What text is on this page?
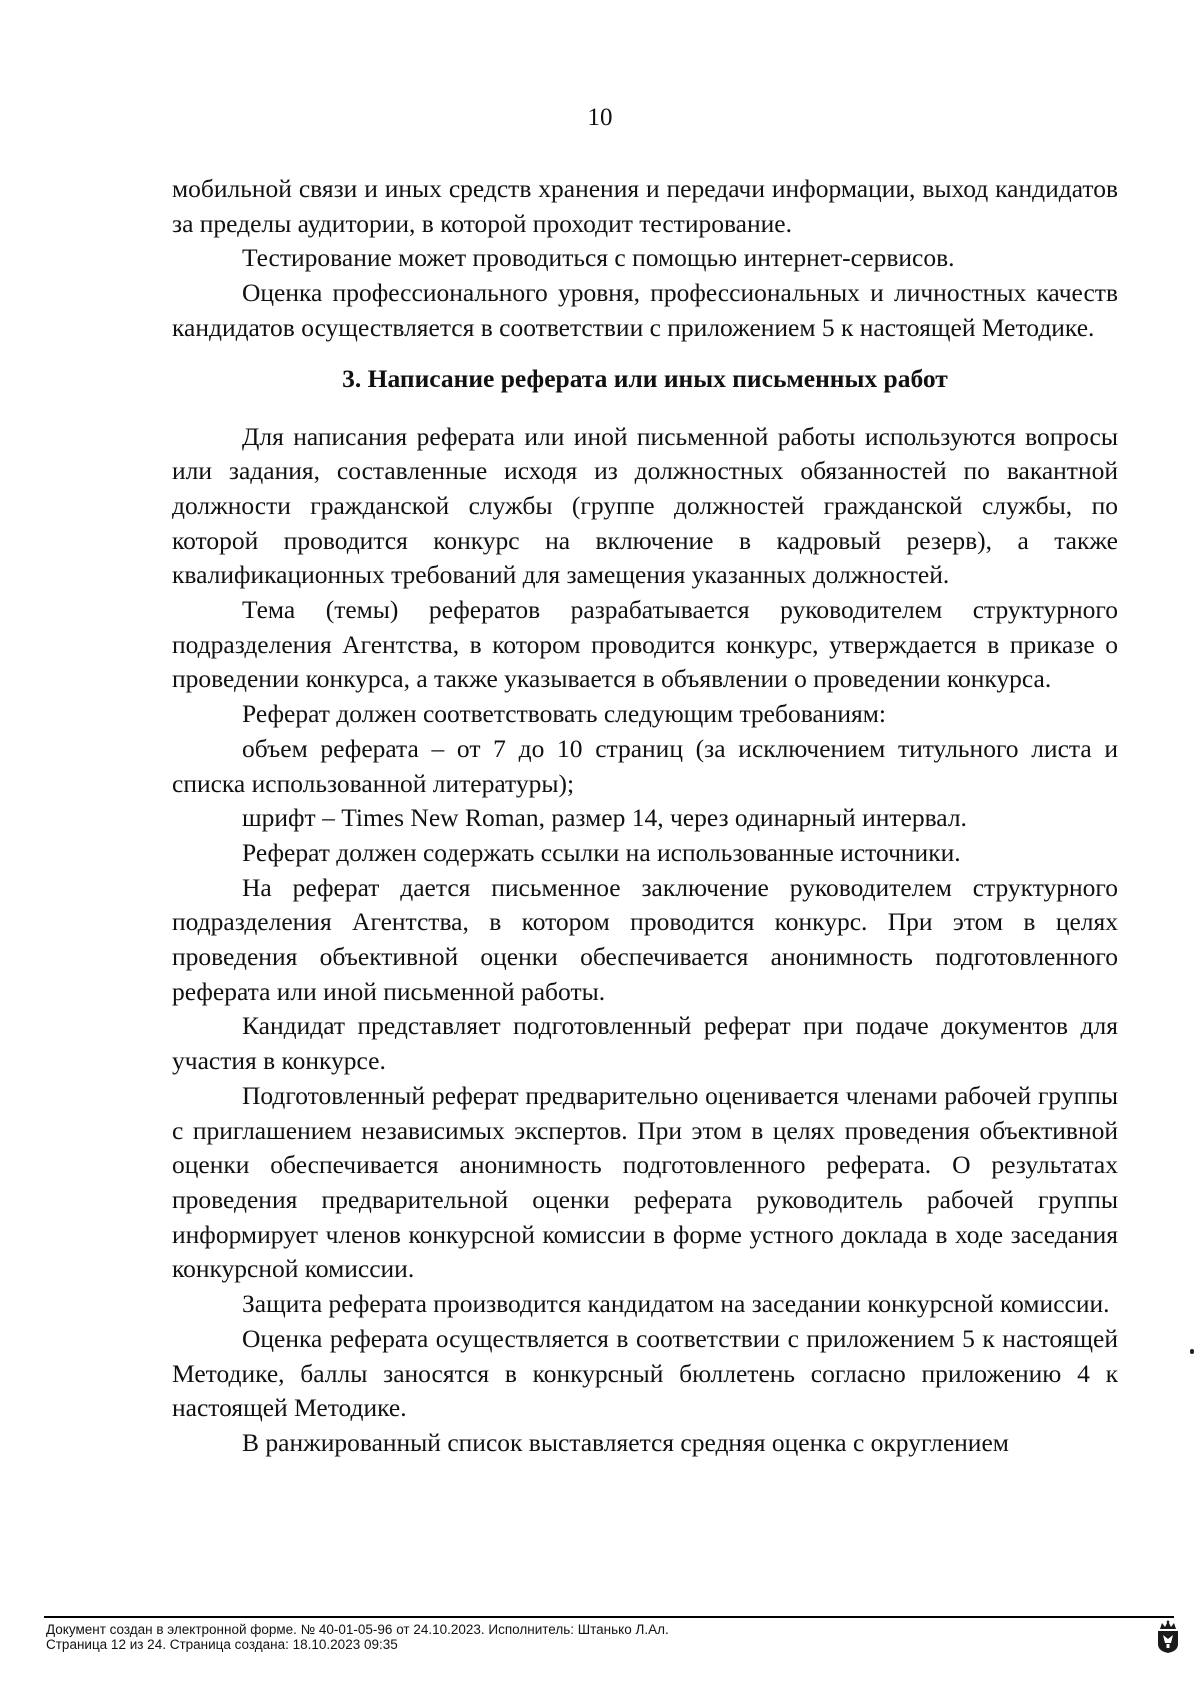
10

мобильной связи и иных средств хранения и передачи информации, выход кандидатов за пределы аудитории, в которой проходит тестирование.

Тестирование может проводиться с помощью интернет-сервисов.

Оценка профессионального уровня, профессиональных и личностных качеств кандидатов осуществляется в соответствии с приложением 5 к настоящей Методике.

3. Написание реферата или иных письменных работ

Для написания реферата или иной письменной работы используются вопросы или задания, составленные исходя из должностных обязанностей по вакантной должности гражданской службы (группе должностей гражданской службы, по которой проводится конкурс на включение в кадровый резерв), а также квалификационных требований для замещения указанных должностей.

Тема (темы) рефератов разрабатывается руководителем структурного подразделения Агентства, в котором проводится конкурс, утверждается в приказе о проведении конкурса, а также указывается в объявлении о проведении конкурса.

Реферат должен соответствовать следующим требованиям:

объем реферата – от 7 до 10 страниц (за исключением титульного листа и списка использованной литературы);

шрифт – Times New Roman, размер 14, через одинарный интервал.

Реферат должен содержать ссылки на использованные источники.

На реферат дается письменное заключение руководителем структурного подразделения Агентства, в котором проводится конкурс. При этом в целях проведения объективной оценки обеспечивается анонимность подготовленного реферата или иной письменной работы.

Кандидат представляет подготовленный реферат при подаче документов для участия в конкурсе.

Подготовленный реферат предварительно оценивается членами рабочей группы с приглашением независимых экспертов. При этом в целях проведения объективной оценки обеспечивается анонимность подготовленного реферата. О результатах проведения предварительной оценки реферата руководитель рабочей группы информирует членов конкурсной комиссии в форме устного доклада в ходе заседания конкурсной комиссии.

Защита реферата производится кандидатом на заседании конкурсной комиссии.

Оценка реферата осуществляется в соответствии с приложением 5 к настоящей Методике, баллы заносятся в конкурсный бюллетень согласно приложению 4 к настоящей Методике.

В ранжированный список выставляется средняя оценка с округлением

Документ создан в электронной форме. № 40-01-05-96 от 24.10.2023. Исполнитель: Штанько Л.Ал.
Страница 12 из 24. Страница создана: 18.10.2023 09:35
